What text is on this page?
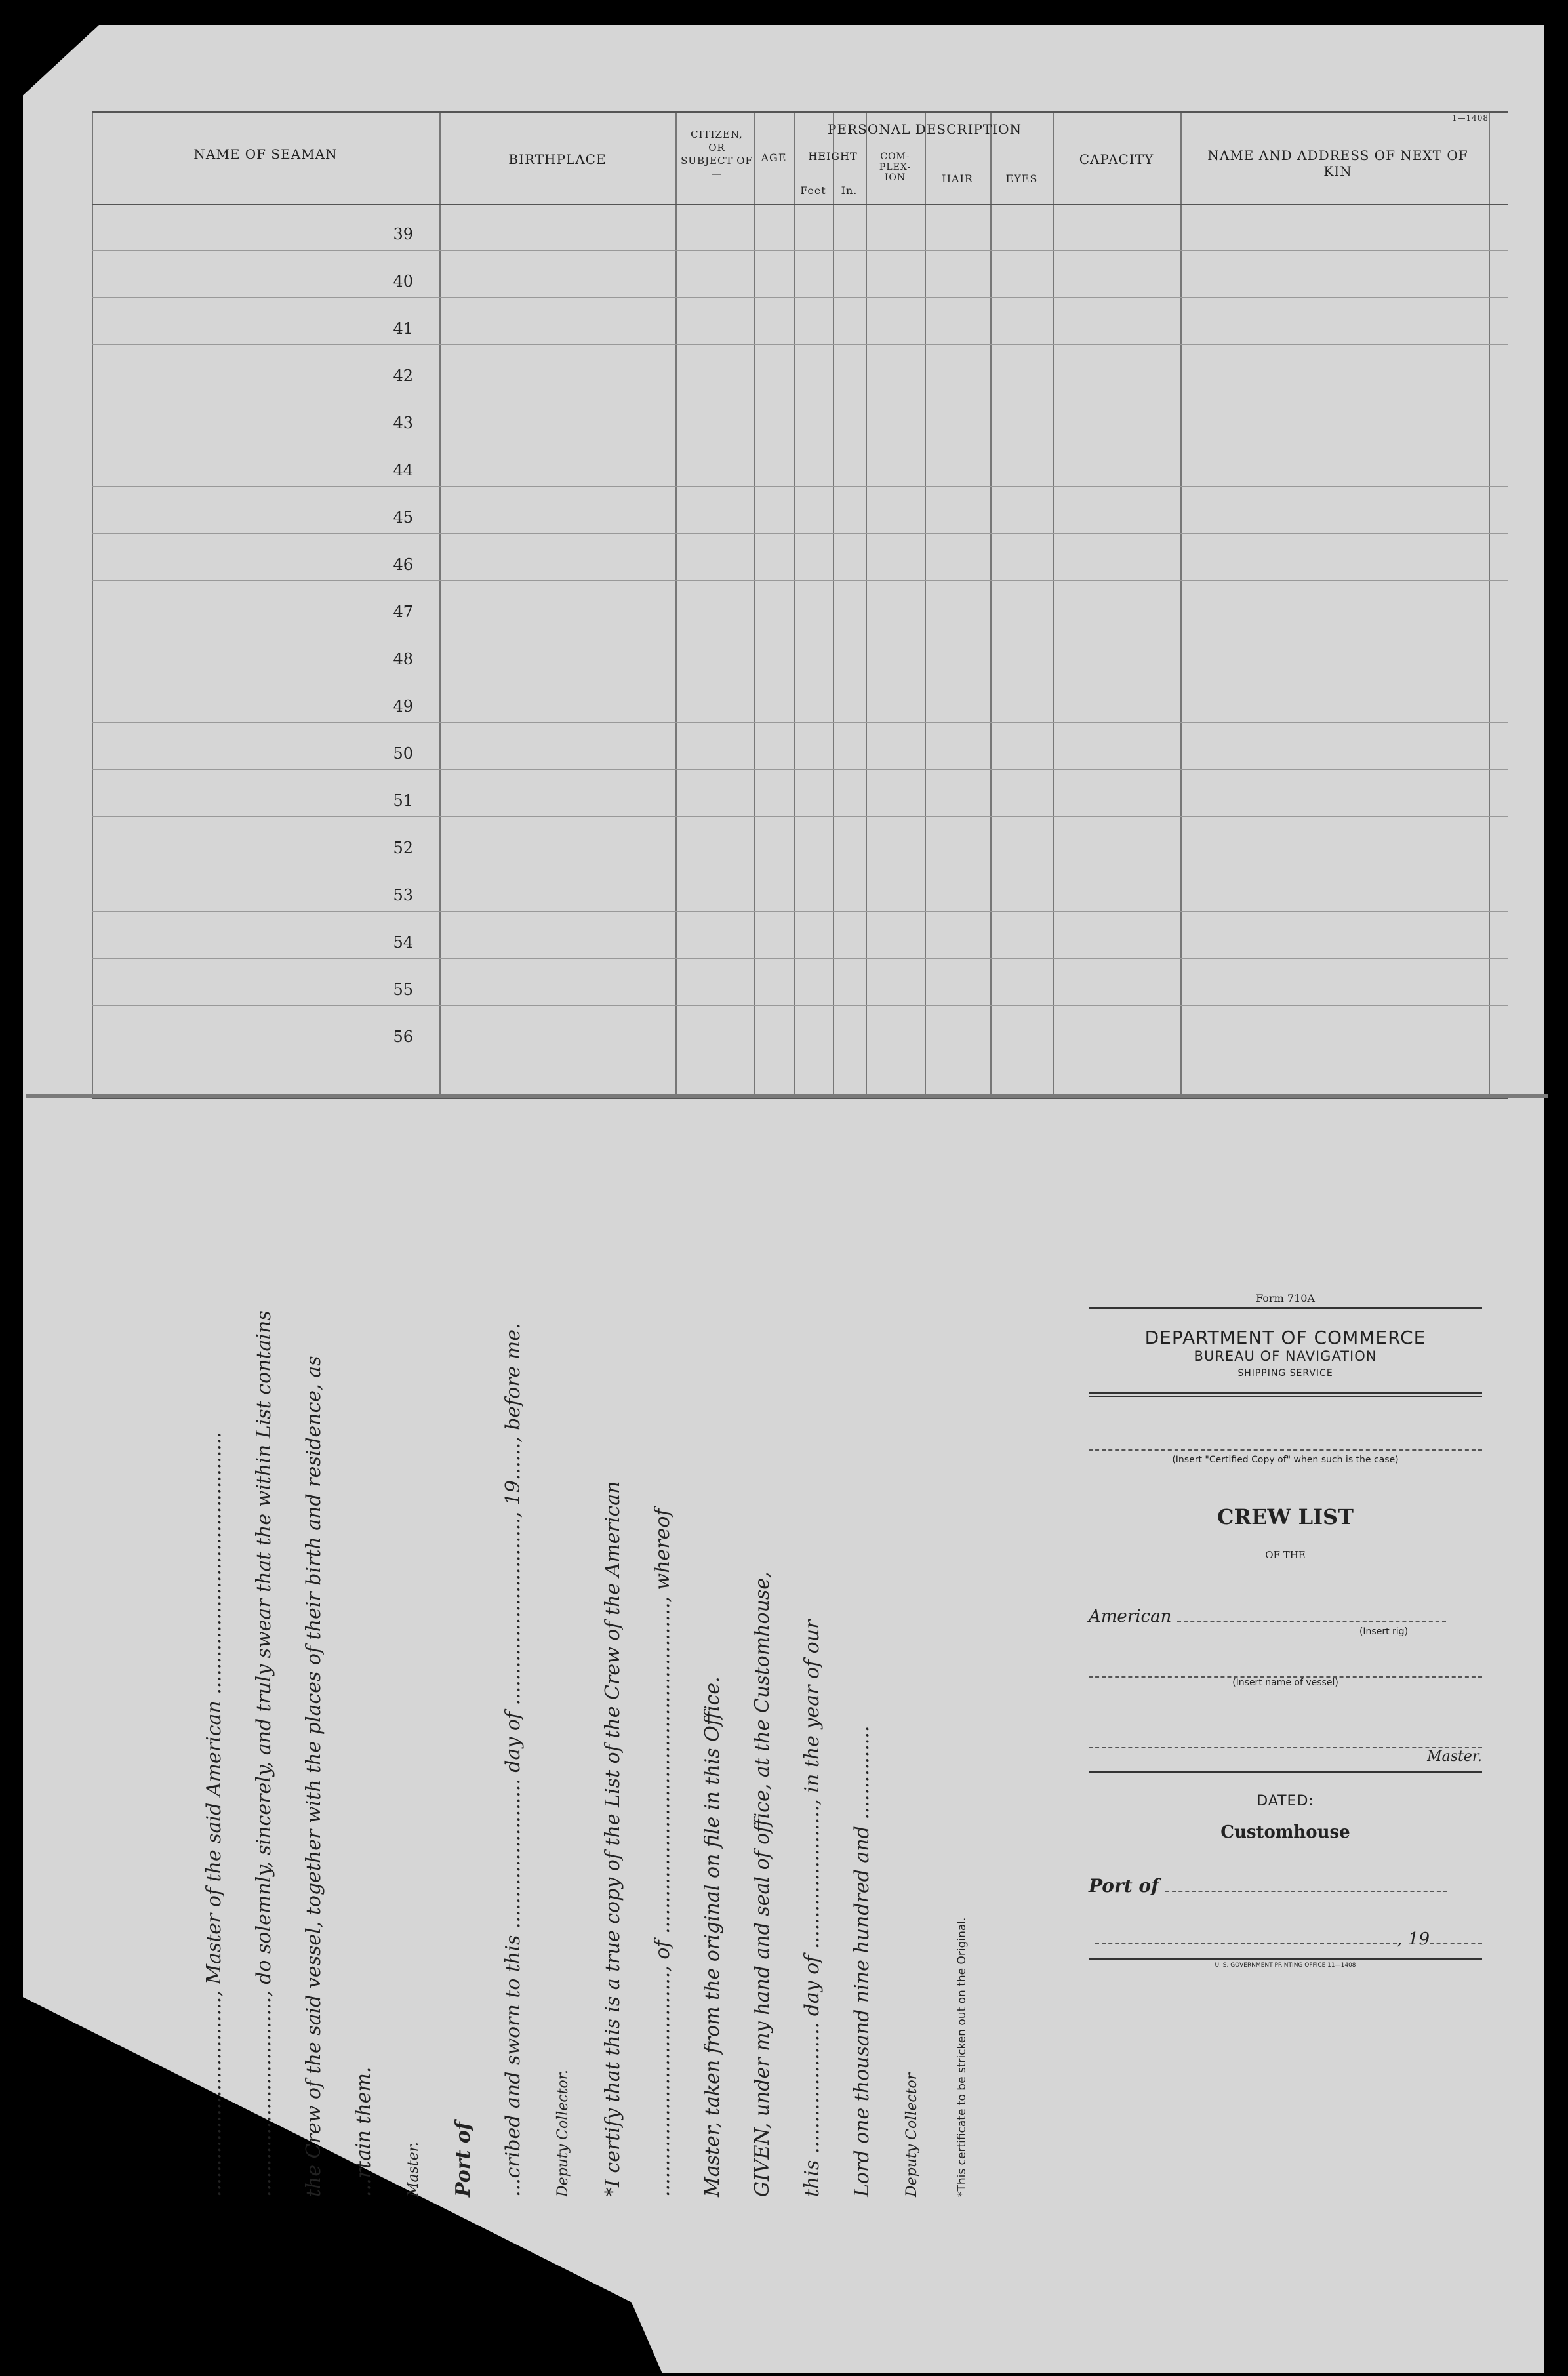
1—1408
NAME OF SEAMAN	BIRTHPLACE
CITIZEN, OR SUBJECT OF—
AGE
PERSONAL DESCRIPTION
HEIGHT
Feet	In.
COM-PLEX-ION	HAIR	EYES
CAPACITY	NAME AND ADDRESS OF NEXT OF KIN
39
40
41
42
43
44
45
46
47
48
49
50
51
52
53
54
55
56

................................, Master of the said American ..........................................	................................, do solemnly, sincerely, and truly swear that the within List contains	the Crew of the said vessel, together with the places of their birth and residence, as	...rtain them.	Master.	Port of	...cribed and sworn to this ........................ day of .............................., 19......, before me.	Deputy Collector.	*I certify that this is a true copy of the List of the Crew of the American	...................................., of ....................................................., whereof	Master, taken from the original on file in this Office.	GIVEN, under my hand and seal of office, at the Customhouse,	this ..................... day of ......................., in the year of our	Lord one thousand nine hundred and ...............	Deputy Collector	*This certificate to be stricken out on the Original.

Form 710A
DEPARTMENT OF COMMERCE
BUREAU OF NAVIGATION
SHIPPING SERVICE
(Insert "Certified Copy of" when such is the case)
CREW LIST
OF THE
American
(Insert rig)
(Insert name of vessel)
Master.
DATED:
Customhouse
Port of
, 19
U. S. GOVERNMENT PRINTING OFFICE 11—1408
